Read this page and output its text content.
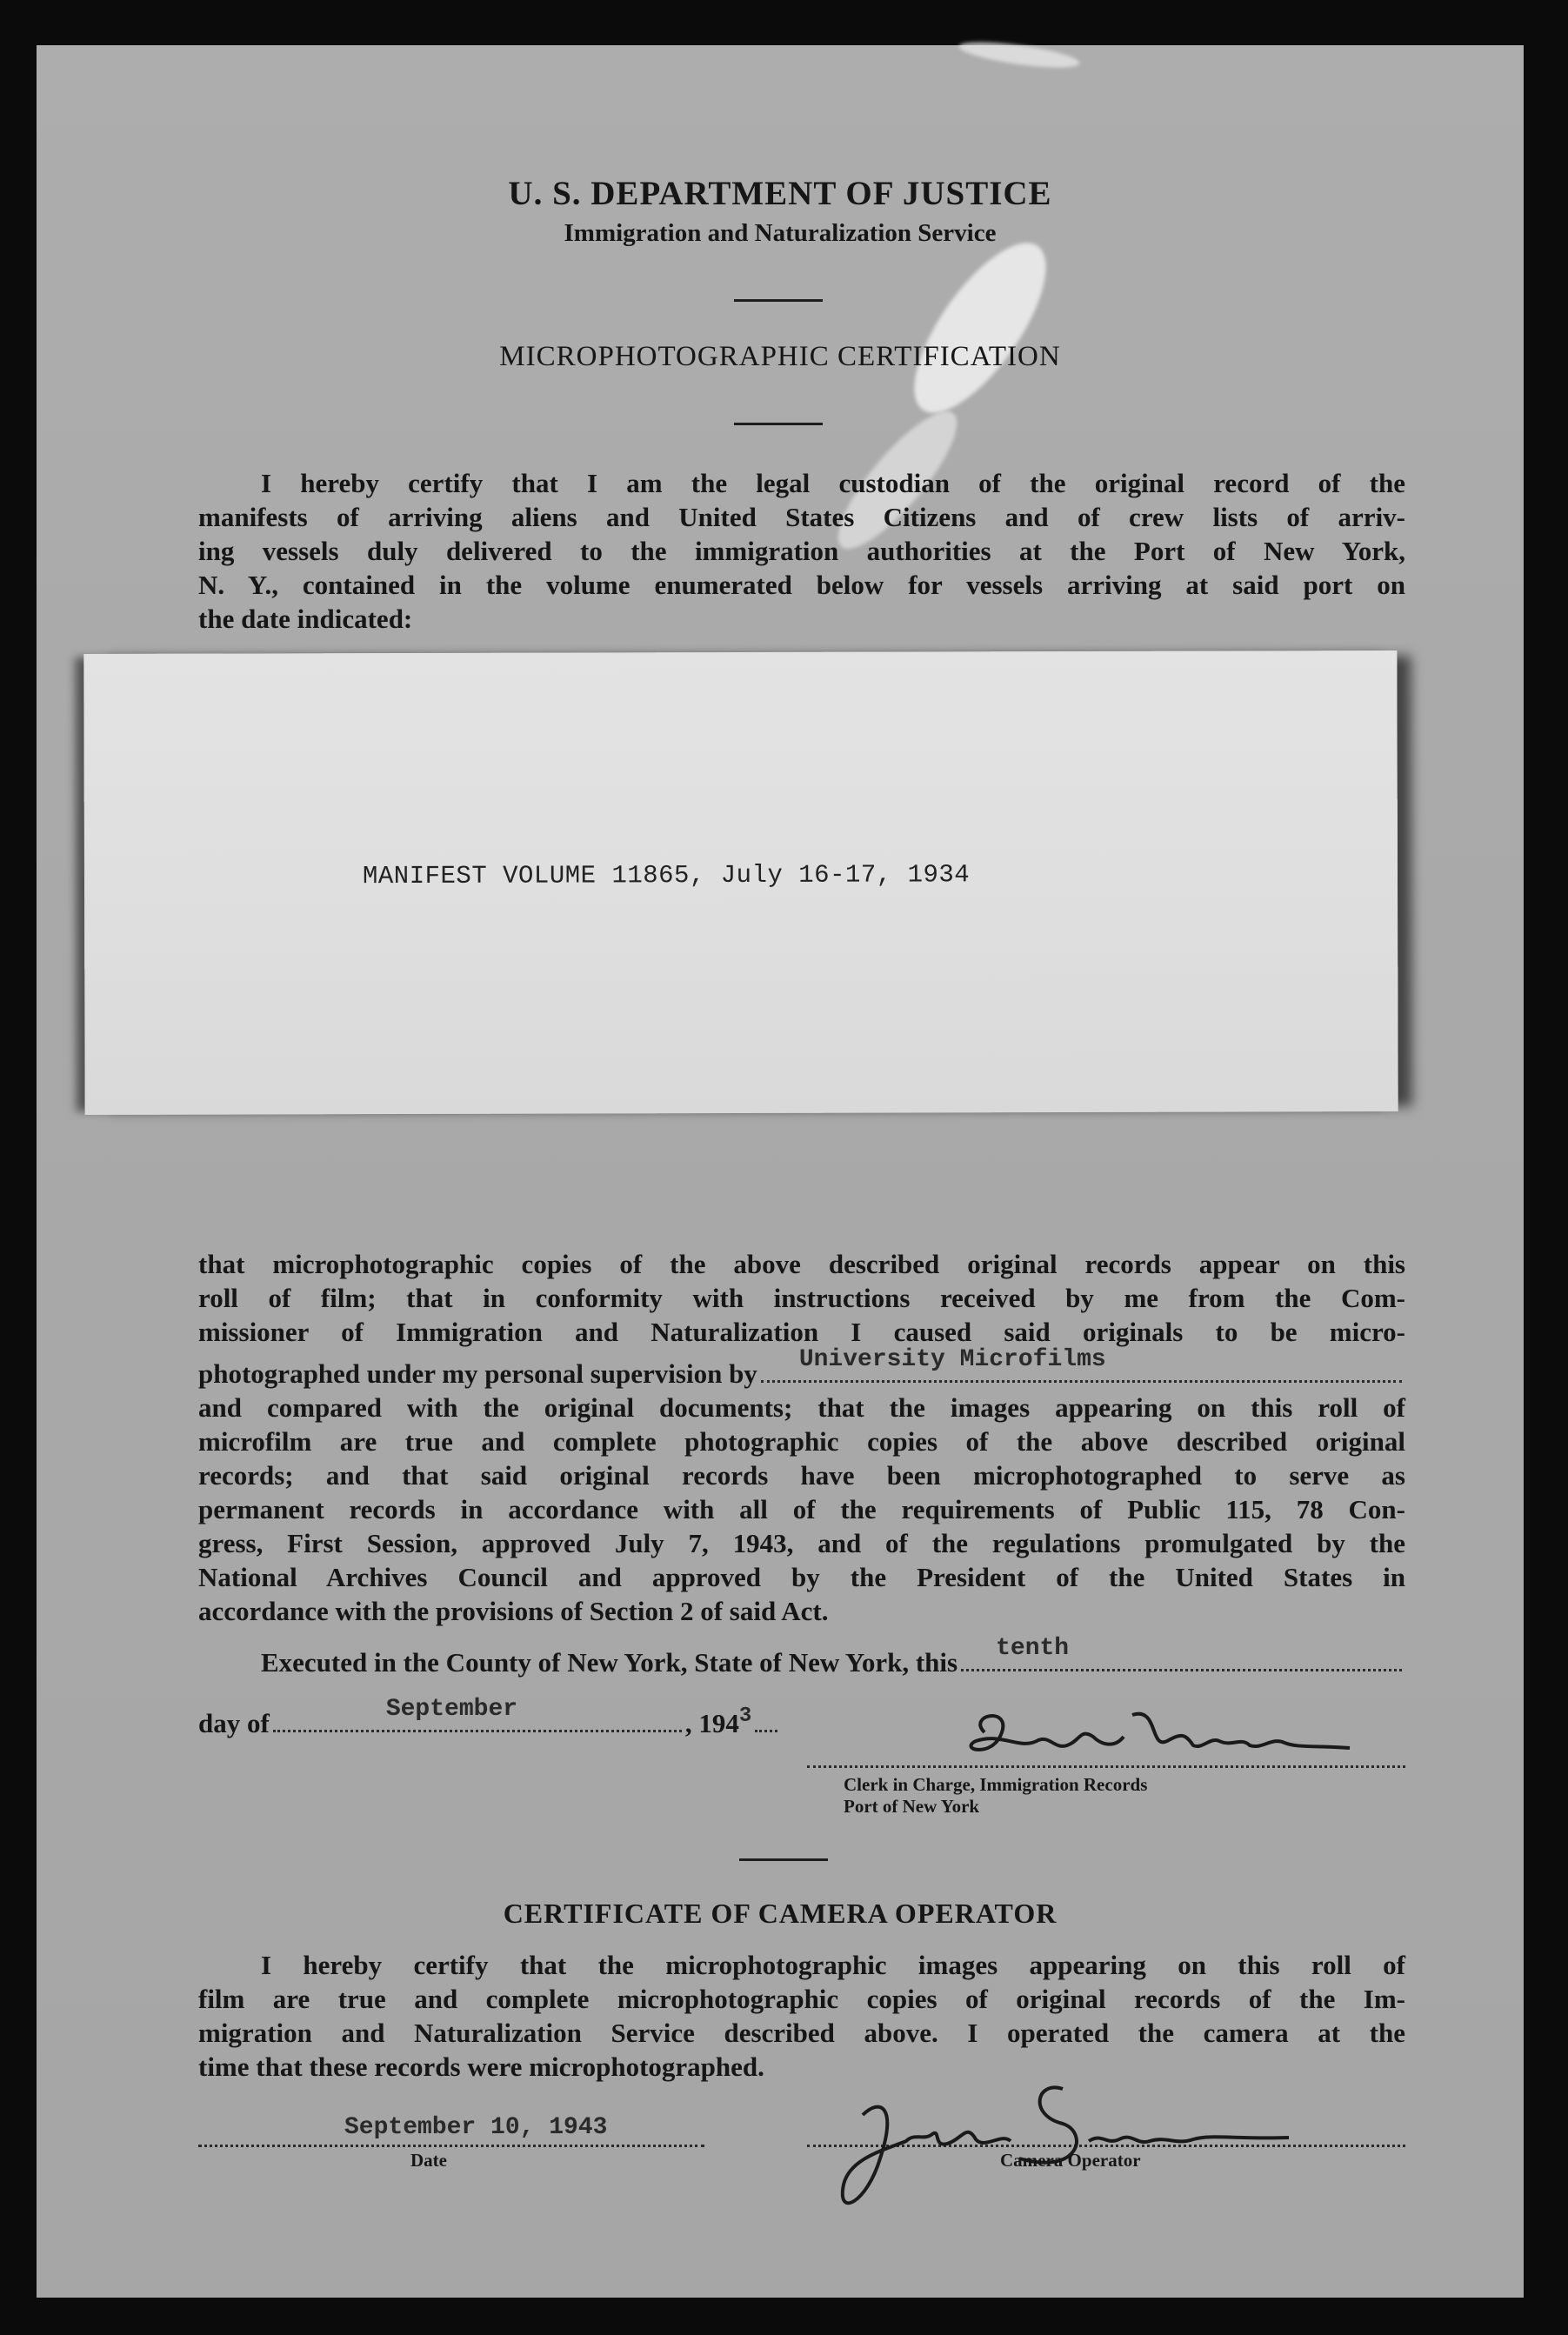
U. S. DEPARTMENT OF JUSTICE
Immigration and Naturalization Service
MICROPHOTOGRAPHIC CERTIFICATION
I hereby certify that I am the legal custodian of the original record of the
manifests of arriving aliens and United States Citizens and of crew lists of arriv-
ing vessels duly delivered to the immigration authorities at the Port of New York,
N. Y., contained in the volume enumerated below for vessels arriving at said port on
the date indicated:
MANIFEST VOLUME 11865, July 16-17, 1934
that microphotographic copies of the above described original records appear on this
roll of film; that in conformity with instructions received by me from the Com-
missioner of Immigration and Naturalization I caused said originals to be micro-
photographed under my personal supervision by University Microfilms
and compared with the original documents; that the images appearing on this roll of
microfilm are true and complete photographic copies of the above described original
records; and that said original records have been microphotographed to serve as
permanent records in accordance with all of the requirements of Public 115, 78 Con-
gress, First Session, approved July 7, 1943, and of the regulations promulgated by the
National Archives Council and approved by the President of the United States in
accordance with the provisions of Section 2 of said Act.
Executed in the County of New York, State of New York, this tenth
day of	September	, 194 3
Clerk in Charge, Immigration Records
Port of New York
CERTIFICATE OF CAMERA OPERATOR
I hereby certify that the microphotographic images appearing on this roll of
film are true and complete microphotographic copies of original records of the Im-
migration and Naturalization Service described above. I operated the camera at the
time that these records were microphotographed.
September 10, 1943
Date	Camera Operator
